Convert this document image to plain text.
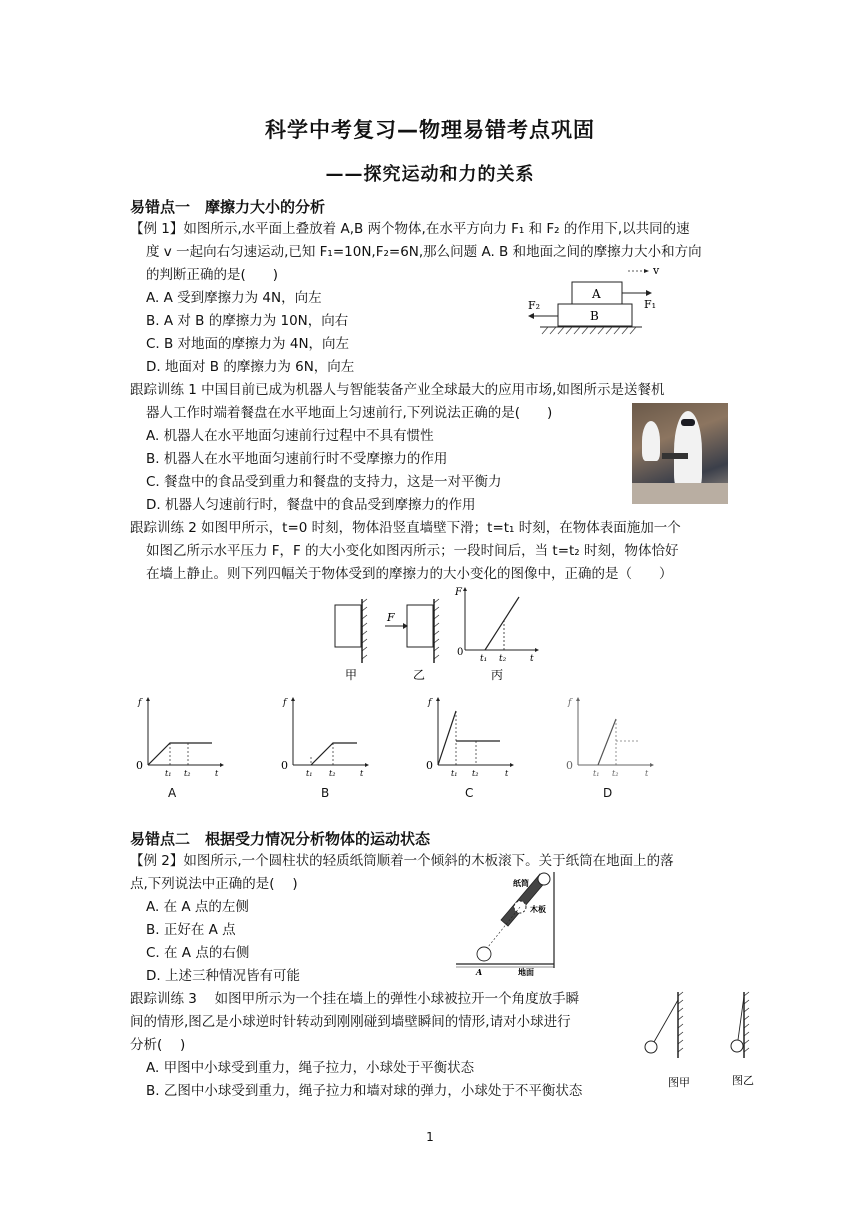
科学中考复习—物理易错考点巩固
——探究运动和力的关系
易错点一　摩擦力大小的分析
【例 1】如图所示,水平面上叠放着 A,B 两个物体,在水平方向力 F₁ 和 F₂ 的作用下,以共同的速
度 v 一起向右匀速运动,已知 F₁=10N,F₂=6N,那么问题 A. B 和地面之间的摩擦力大小和方向
的判断正确的是(　　)
A. A 受到摩擦力为 4N，向左
B. A 对 B 的摩擦力为 10N，向右
C. B 对地面的摩擦力为 4N，向左
D. 地面对 B 的摩擦力为 6N，向左
A
B
F₁
F₂
v
跟踪训练 1 中国目前已成为机器人与智能装备产业全球最大的应用市场,如图所示是送餐机
器人工作时端着餐盘在水平地面上匀速前行,下列说法正确的是(　　)
A. 机器人在水平地面匀速前行过程中不具有惯性
B. 机器人在水平地面匀速前行时不受摩擦力的作用
C. 餐盘中的食品受到重力和餐盘的支持力，这是一对平衡力
D. 机器人匀速前行时，餐盘中的食品受到摩擦力的作用
跟踪训练 2 如图甲所示，t=0 时刻，物体沿竖直墙壁下滑；t=t₁ 时刻，在物体表面施加一个
如图乙所示水平压力 F，F 的大小变化如图丙所示；一段时间后，当 t=t₂ 时刻，物体恰好
在墙上静止。则下列四幅关于物体受到的摩擦力的大小变化的图像中，正确的是（　　）
甲
F
乙
F
0
t₁ t₂	t
丙
f
0
t₁ t₂	t
f
0
t₁ t₂	t
f
0
t₁ t₂	t
f
0
t₁ t₂	t
A	B	C	D
易错点二　根据受力情况分析物体的运动状态
【例 2】如图所示,一个圆柱状的轻质纸筒顺着一个倾斜的木板滚下。关于纸筒在地面上的落
点,下列说法中正确的是(　 )
A. 在 A 点的左侧
B. 正好在 A 点
C. 在 A 点的右侧
D. 上述三种情况皆有可能
纸筒
木板
地面
A
跟踪训练 3　 如图甲所示为一个挂在墙上的弹性小球被拉开一个角度放手瞬
间的情形,图乙是小球逆时针转动到刚刚碰到墙壁瞬间的情形,请对小球进行
分析(　 )
A. 甲图中小球受到重力，绳子拉力，小球处于平衡状态
B. 乙图中小球受到重力，绳子拉力和墙对球的弹力，小球处于不平衡状态
图甲	图乙
1
